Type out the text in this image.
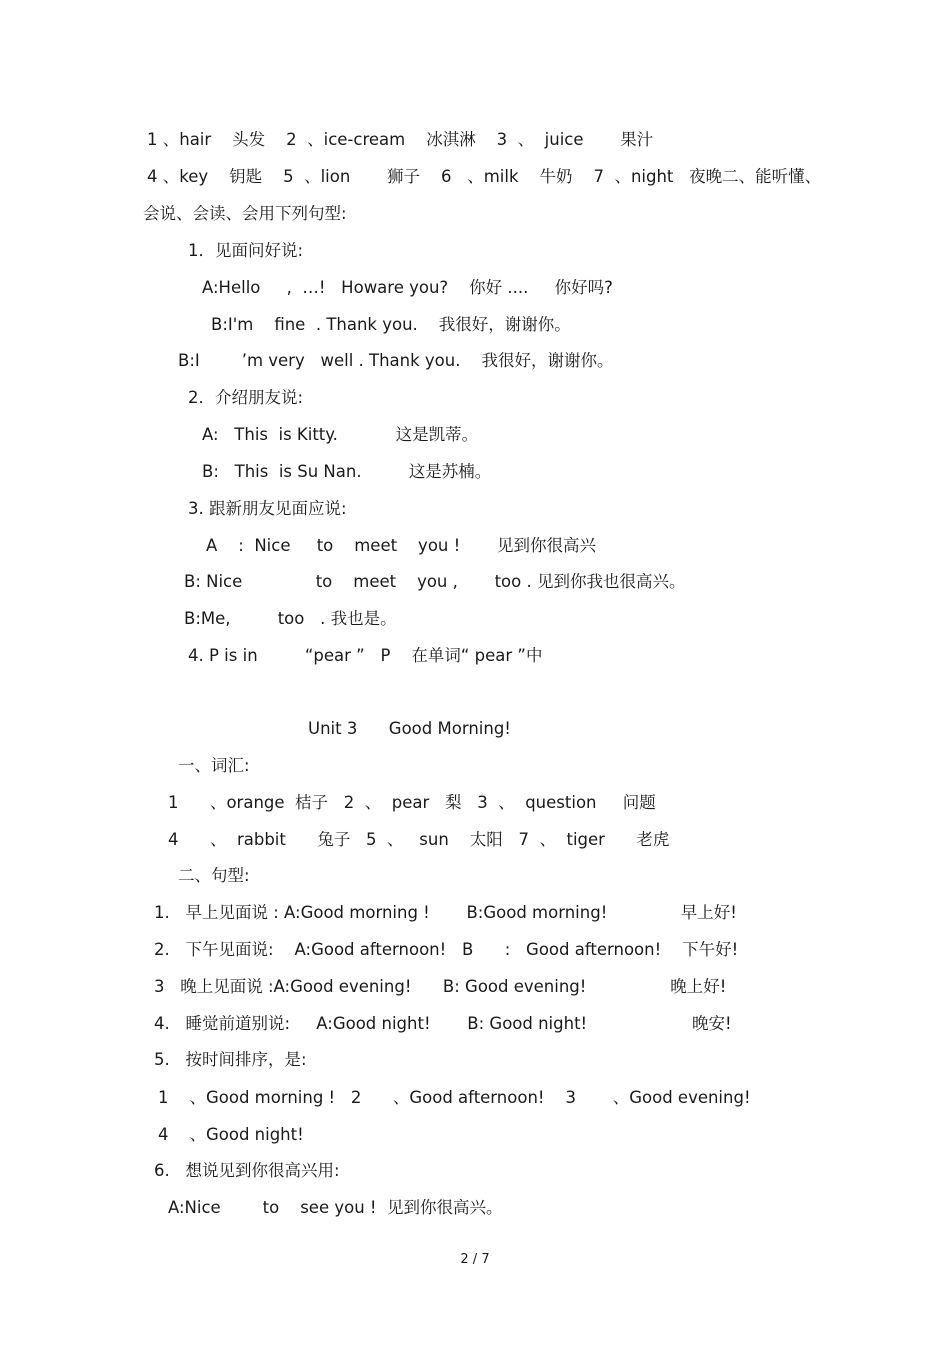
1 、hair    头发    2  、ice-cream    冰淇淋    3  、  juice       果汁
4 、key    钥匙    5  、lion       狮子    6   、milk    牛奶    7  、night   夜晚二、能听懂、
会说、会读、会用下列句型:
1．见面问好说:
A:Hello     ,  …!   Howare you?    你好 ....     你好吗?
B:I'm    fine  . Thank you.    我很好，谢谢你。
B:I        ’m very   well . Thank you.    我很好，谢谢你。
2．介绍朋友说:
A:   This  is Kitty.           这是凯蒂。
B:   This  is Su Nan.         这是苏楠。
3. 跟新朋友见面应说:
A    :  Nice     to    meet    you !       见到你很高兴
B: Nice              to    meet    you ,       too . 见到你我也很高兴。
B:Me,         too   . 我也是。
4. P is in         “pear ”   P    在单词“ pear ”中
Unit 3      Good Morning!
一、词汇:
1      、orange  桔子   2  、  pear   梨   3  、  question     问题
4      、  rabbit      兔子   5  、   sun    太阳   7  、  tiger      老虎
二、句型:
1.   早上见面说 : A:Good morning !       B:Good morning!              早上好!
2.   下午见面说:    A:Good afternoon!   B      :   Good afternoon!    下午好!
3   晚上见面说 :A:Good evening!      B: Good evening!                晚上好!
4.   睡觉前道别说:     A:Good night!       B: Good night!                    晚安!
5.   按时间排序，是:
1    、Good morning !   2      、Good afternoon!    3       、Good evening!
4    、Good night!
6.   想说见到你很高兴用:
A:Nice        to    see you !  见到你很高兴。
2 / 7
